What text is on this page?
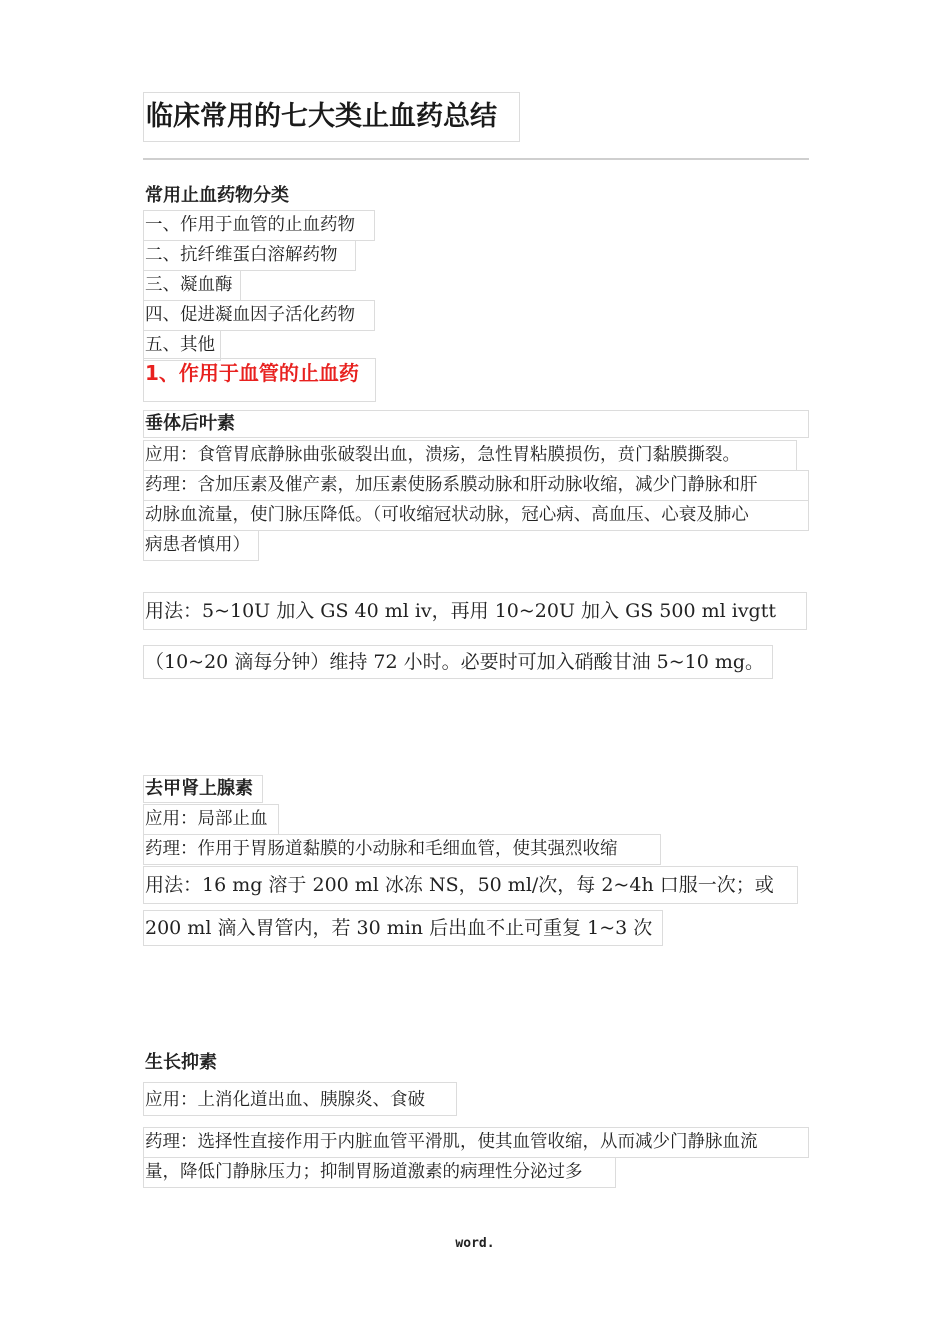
临床常用的七大类止血药总结
常用止血药物分类
一、作用于血管的止血药物
二、抗纤维蛋白溶解药物
三、凝血酶
四、促进凝血因子活化药物
五、其他
1、作用于血管的止血药
垂体后叶素
应用：食管胃底静脉曲张破裂出血，溃疡，急性胃粘膜损伤，贲门黏膜撕裂。
药理：含加压素及催产素，加压素使肠系膜动脉和肝动脉收缩，减少门静脉和肝
动脉血流量，使门脉压降低。（可收缩冠状动脉，冠心病、高血压、心衰及肺心
病患者慎用）
用法：5~10U 加入 GS 40 ml iv，再用 10~20U 加入 GS 500 ml ivgtt
（10~20 滴每分钟）维持 72 小时。必要时可加入硝酸甘油 5~10 mg。
去甲肾上腺素
应用：局部止血
药理：作用于胃肠道黏膜的小动脉和毛细血管，使其强烈收缩
用法：16 mg 溶于 200 ml 冰冻 NS，50 ml/次，每 2~4h 口服一次；或
200 ml 滴入胃管内，若 30 min 后出血不止可重复 1~3 次
生长抑素
应用：上消化道出血、胰腺炎、食破
药理：选择性直接作用于内脏血管平滑肌，使其血管收缩，从而减少门静脉血流
量，降低门静脉压力；抑制胃肠道激素的病理性分泌过多
word.
